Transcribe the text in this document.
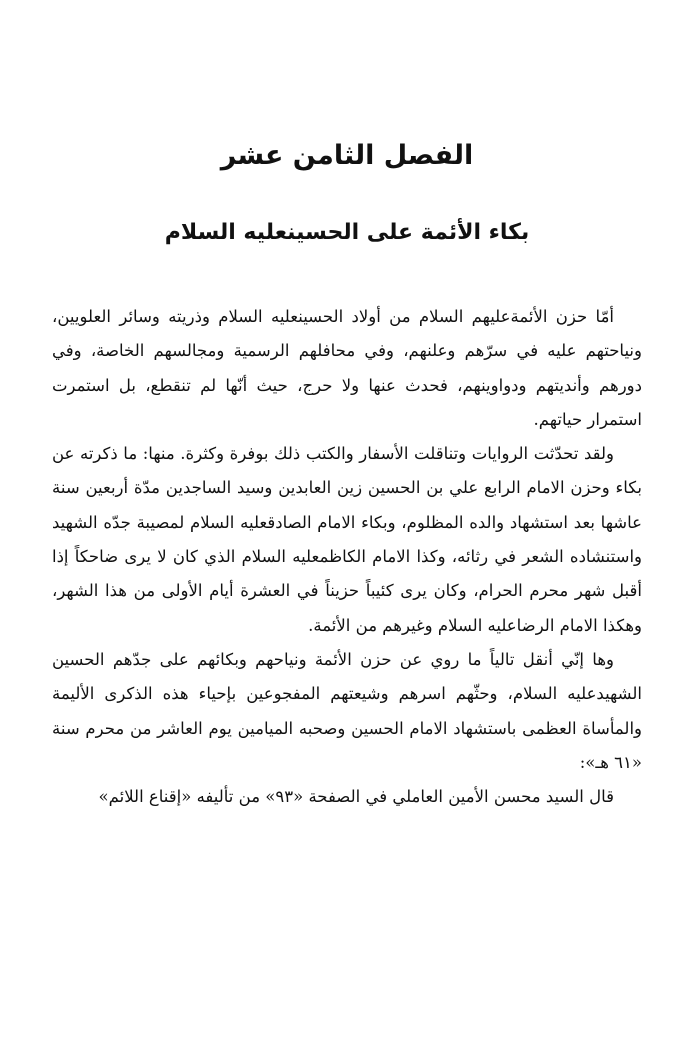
الفصل الثامن عشر
بكاء الأئمة على الحسينعليه السلام

أمّا حزن الأئمةعليهم السلام من أولاد الحسينعليه السلام وذريته وسائر العلويين، ونياحتهم عليه في سرّهم وعلنهم، وفي محافلهم الرسمية ومجالسهم الخاصة، وفي دورهم وأنديتهم ودواوينهم، فحدث عنها ولا حرج، حيث أنّها لم تنقطع، بل استمرت استمرار حياتهم.

ولقد تحدّثت الروايات وتناقلت الأسفار والكتب ذلك بوفرة وكثرة. منها: ما ذكرته عن بكاء وحزن الامام الرابع علي بن الحسين زين العابدين وسيد الساجدين مدّة أربعين سنة عاشها بعد استشهاد والده المظلوم، وبكاء الامام الصادقعليه السلام لمصيبة جدّه الشهيد واستنشاده الشعر في رثائه، وكذا الامام الكاظمعليه السلام الذي كان لا يرى ضاحكاً إذا أقبل شهر محرم الحرام، وكان يرى كئيباً حزيناً في العشرة أيام الأولى من هذا الشهر، وهكذا الامام الرضاعليه السلام وغيرهم من الأئمة.

وها إنّي أنقل تالياً ما روي عن حزن الأئمة ونياحهم وبكائهم على جدّهم الحسين الشهيدعليه السلام، وحثّهم اسرهم وشيعتهم المفجوعين بإحياء هذه الذكرى الأليمة والمأساة العظمى باستشهاد الامام الحسين وصحبه الميامين يوم العاشر من محرم سنة «٦١ هـ»:

قال السيد محسن الأمين العاملي في الصفحة «٩٣» من تأليفه «إقناع اللائم»
